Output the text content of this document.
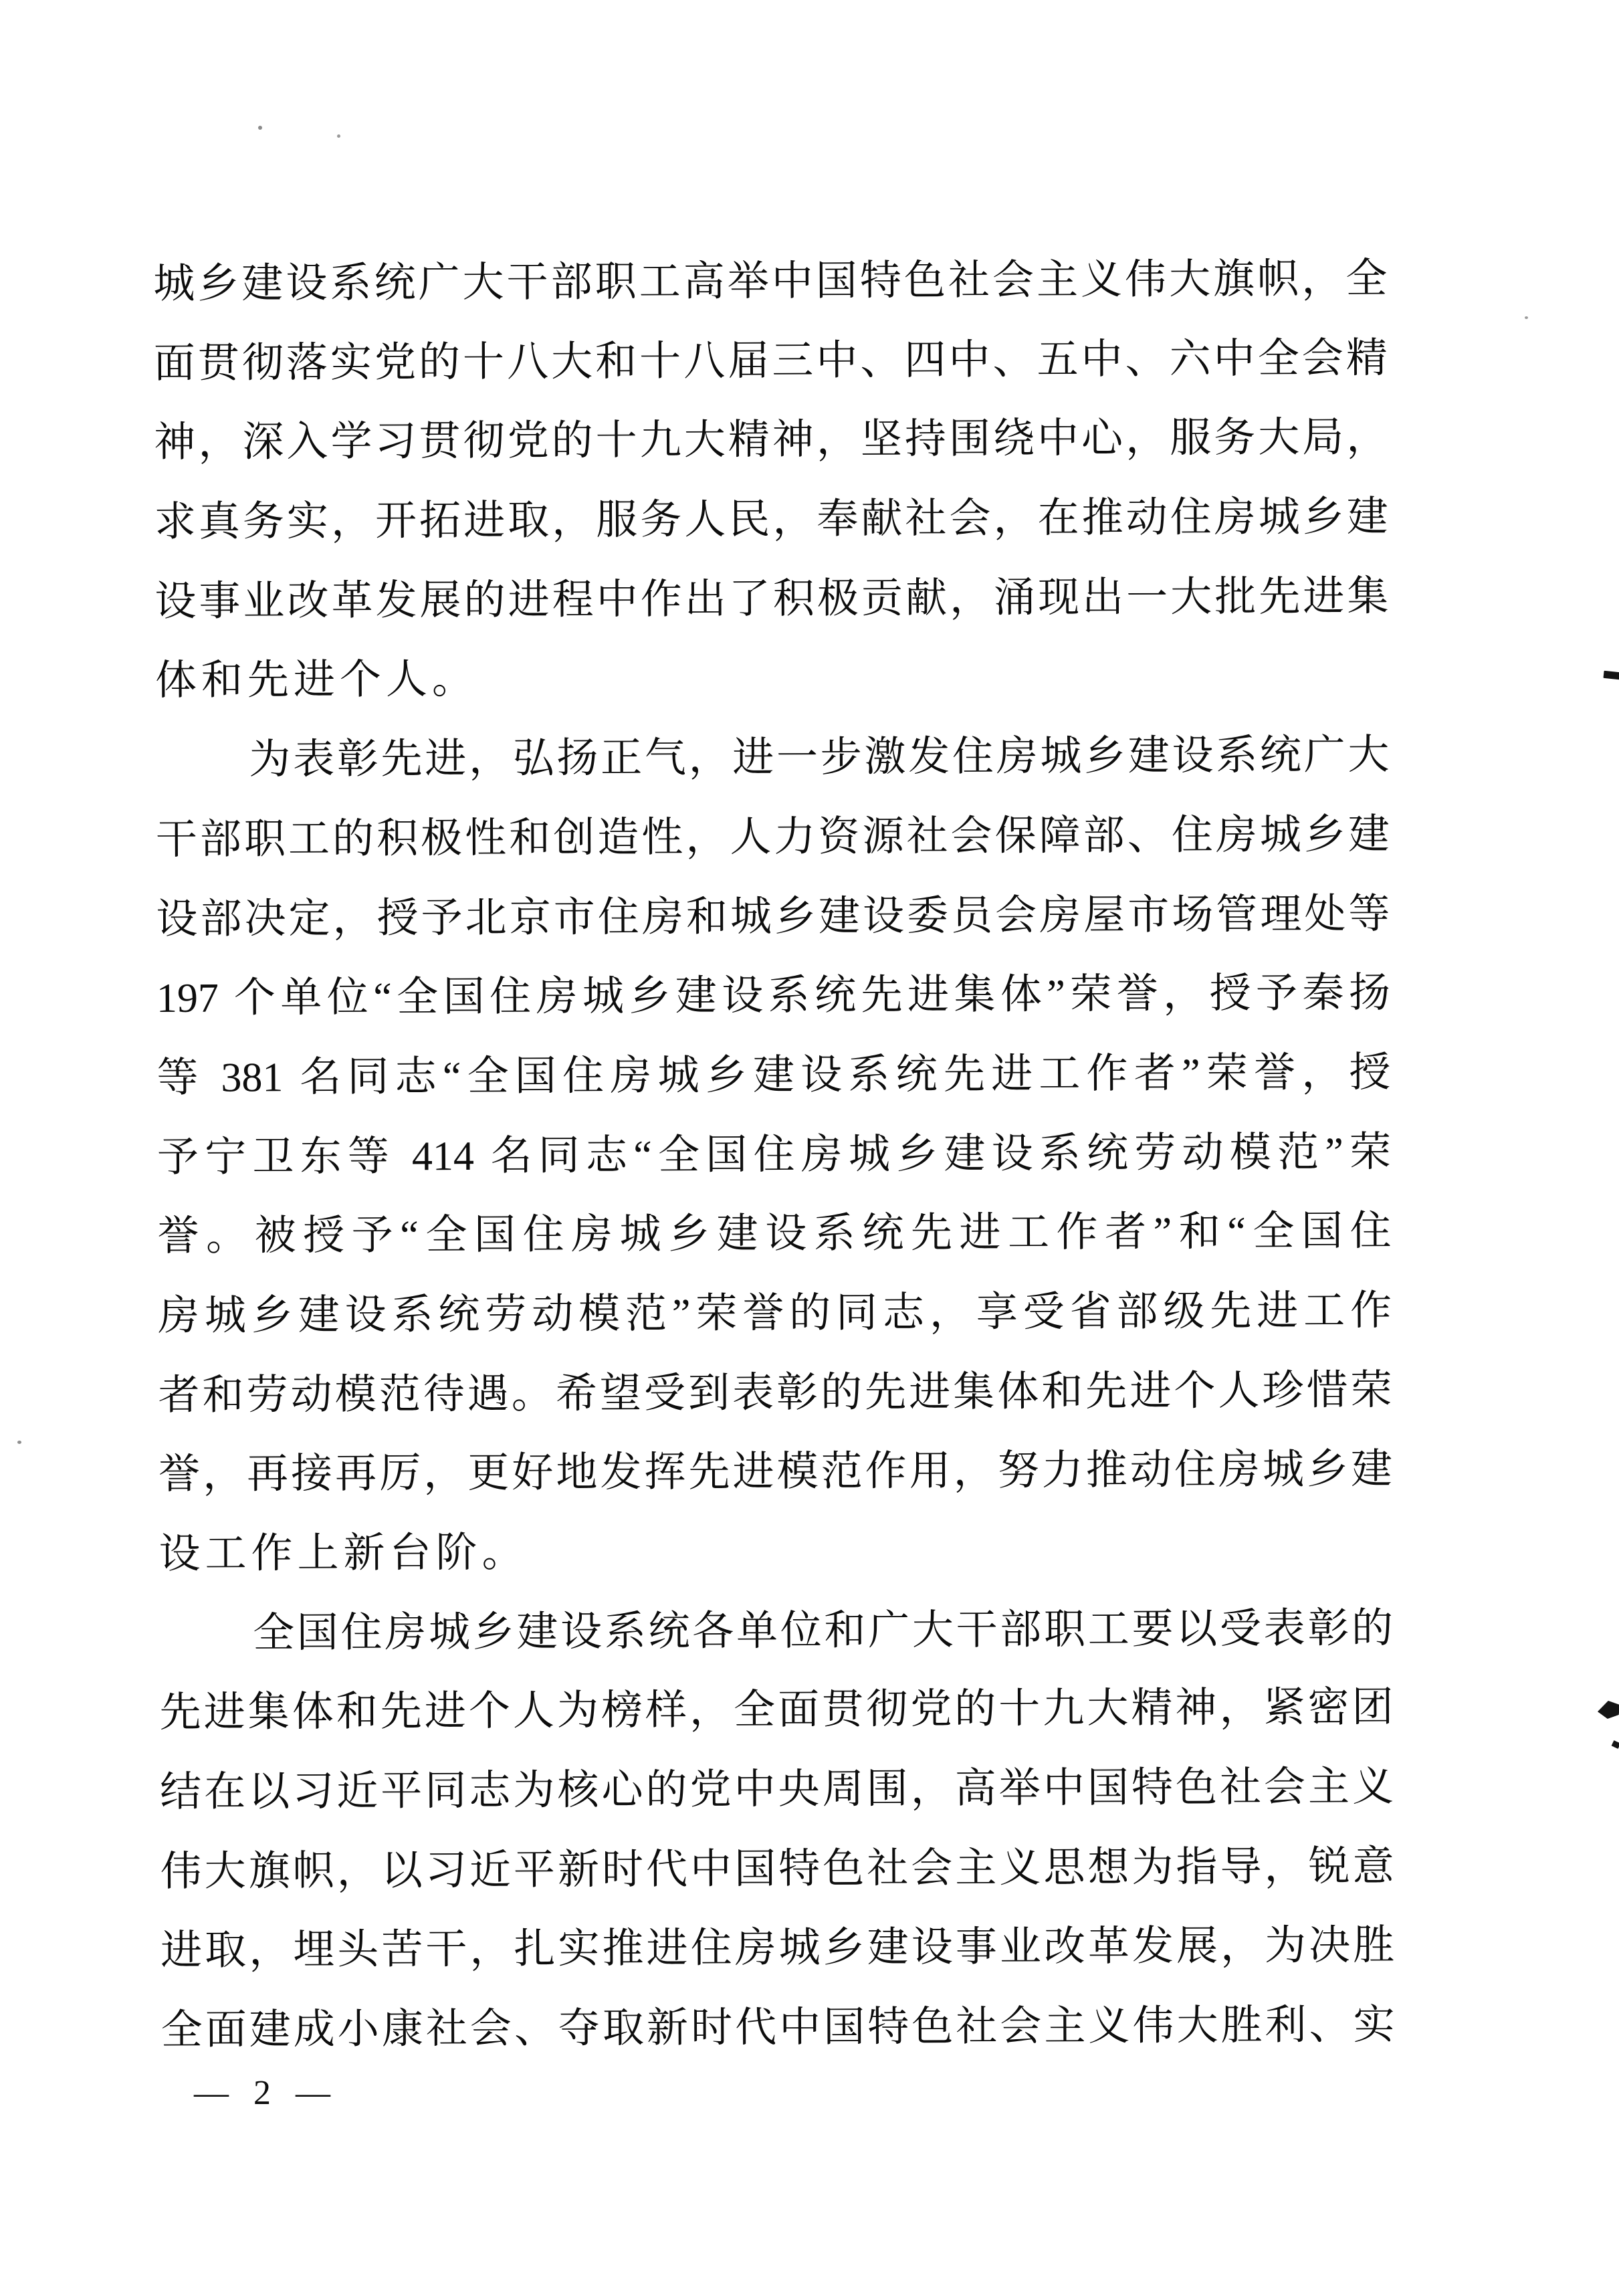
城乡建设系统广大干部职工高举中国特色社会主义伟大旗帜，全
面贯彻落实党的十八大和十八届三中、四中、五中、六中全会精
神，深入学习贯彻党的十九大精神，坚持围绕中心，服务大局，
求真务实，开拓进取，服务人民，奉献社会，在推动住房城乡建
设事业改革发展的进程中作出了积极贡献，涌现出一大批先进集
体和先进个人。
为表彰先进，弘扬正气，进一步激发住房城乡建设系统广大
干部职工的积极性和创造性，人力资源社会保障部、住房城乡建
设部决定，授予北京市住房和城乡建设委员会房屋市场管理处等
197 个单位“全国住房城乡建设系统先进集体”荣誉，授予秦扬
等 381 名同志“全国住房城乡建设系统先进工作者”荣誉，授
予宁卫东等 414 名同志“全国住房城乡建设系统劳动模范”荣
誉。被授予“全国住房城乡建设系统先进工作者”和“全国住
房城乡建设系统劳动模范”荣誉的同志，享受省部级先进工作
者和劳动模范待遇。希望受到表彰的先进集体和先进个人珍惜荣
誉，再接再厉，更好地发挥先进模范作用，努力推动住房城乡建
设工作上新台阶。
全国住房城乡建设系统各单位和广大干部职工要以受表彰的
先进集体和先进个人为榜样，全面贯彻党的十九大精神，紧密团
结在以习近平同志为核心的党中央周围，高举中国特色社会主义
伟大旗帜，以习近平新时代中国特色社会主义思想为指导，锐意
进取，埋头苦干，扎实推进住房城乡建设事业改革发展，为决胜
全面建成小康社会、夺取新时代中国特色社会主义伟大胜利、实
— 2 —
